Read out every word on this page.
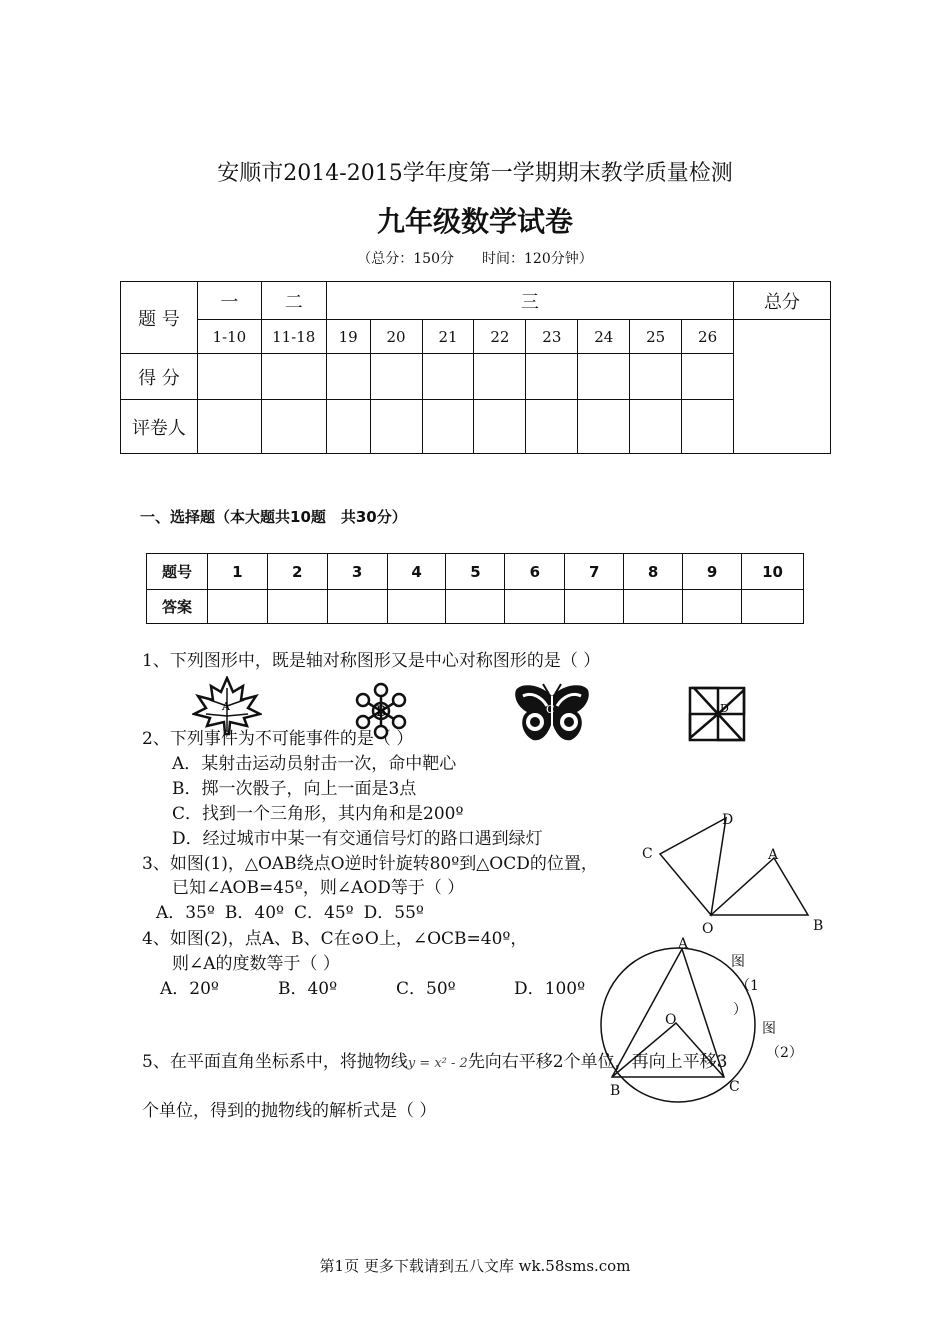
安顺市2014-2015学年度第一学期期末教学质量检测
九年级数学试卷
（总分：150分 时间：120分钟）
题 号	一	二	三								总分
	1-10	11-18	19	20	21	22	23	24	25	26	
得 分											
评卷人											
一、选择题（本大题共10题　共30分）
题号	1	2	3	4	5	6	7	8	9	10
答案										
1、下列图形中，既是轴对称图形又是中心对称图形的是（ ）
A	B	C	D
2、下列事件为不可能事件的是（ ）
A．某射击运动员射击一次，命中靶心
B．掷一次骰子，向上一面是3点
C．找到一个三角形，其内角和是200º
D．经过城市中某一有交通信号灯的路口遇到绿灯
3、如图(1)，△OAB绕点O逆时针旋转80º到△OCD的位置，
已知∠AOB=45º，则∠AOD等于（ ）
A．35º B．40º C．45º D．55º
4、如图(2)，点A、B、C在⊙O上，∠OCB=40º，
则∠A的度数等于（ ）
A．20º	B．40º	C．50º	D．100º
D
C	A
O	B
图
（1
）
A
O
B	C
图
（2）
5、在平面直角坐标系中，将抛物线y = x² - 2先向右平移2个单位，再向上平移3
个单位，得到的抛物线的解析式是（ ）
第1页 更多下载请到五八文库 wk.58sms.com
